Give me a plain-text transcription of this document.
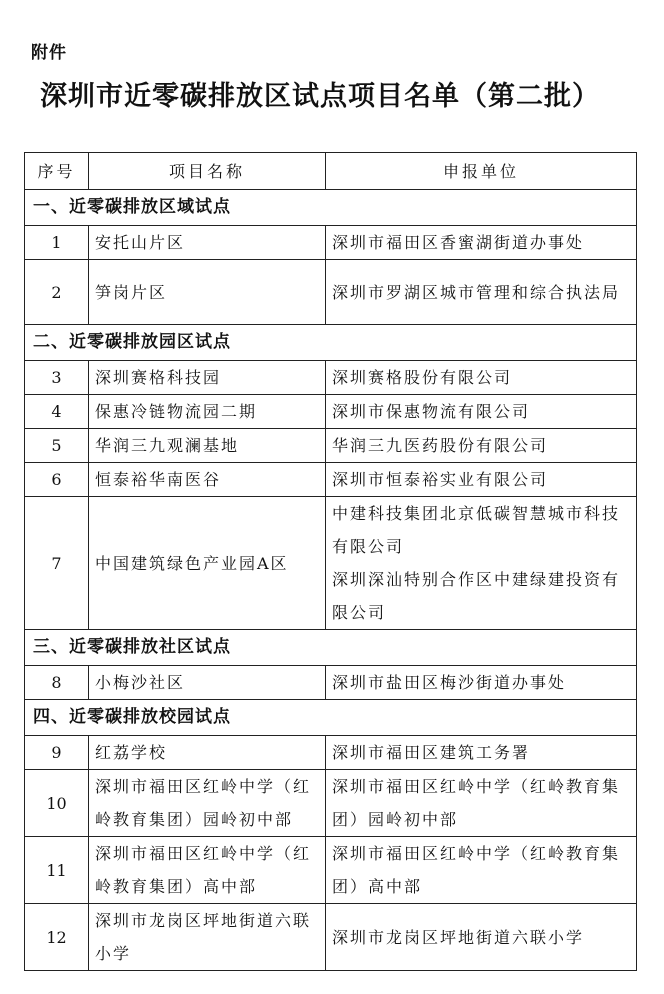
附件
深圳市近零碳排放区试点项目名单（第二批）
序号	项目名称	申报单位
一、近零碳排放区域试点		
1	安托山片区	深圳市福田区香蜜湖街道办事处
2	笋岗片区	深圳市罗湖区城市管理和综合执法局
二、近零碳排放园区试点		
3	深圳赛格科技园	深圳赛格股份有限公司
4	保惠冷链物流园二期	深圳市保惠物流有限公司
5	华润三九观澜基地	华润三九医药股份有限公司
6	恒泰裕华南医谷	深圳市恒泰裕实业有限公司
7	中国建筑绿色产业园A区	中建科技集团北京低碳智慧城市科技有限公司
深圳深汕特别合作区中建绿建投资有限公司

三、近零碳排放社区试点		
8	小梅沙社区	深圳市盐田区梅沙街道办事处
四、近零碳排放校园试点		
9	红荔学校	深圳市福田区建筑工务署
10	深圳市福田区红岭中学（红岭教育集团）园岭初中部	深圳市福田区红岭中学（红岭教育集团）园岭初中部
11	深圳市福田区红岭中学（红岭教育集团）高中部	深圳市福田区红岭中学（红岭教育集团）高中部
12	深圳市龙岗区坪地街道六联小学	深圳市龙岗区坪地街道六联小学
